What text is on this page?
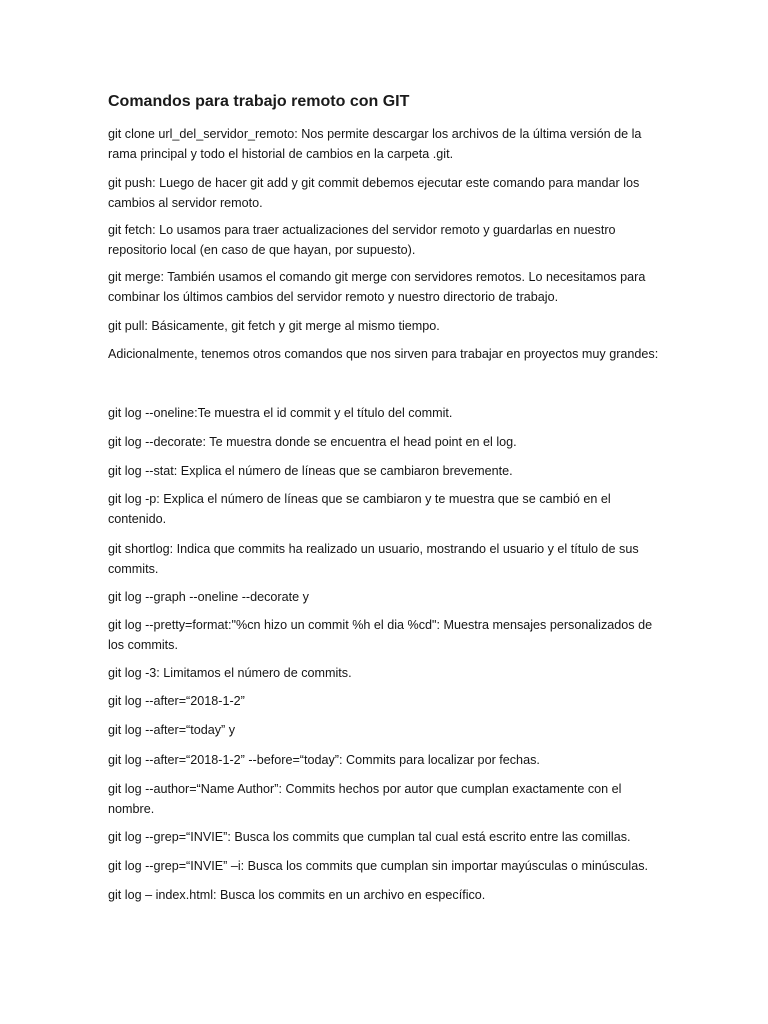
Comandos para trabajo remoto con GIT
git clone url_del_servidor_remoto: Nos permite descargar los archivos de la última versión de la rama principal y todo el historial de cambios en la carpeta .git.
git push: Luego de hacer git add y git commit debemos ejecutar este comando para mandar los cambios al servidor remoto.
git fetch: Lo usamos para traer actualizaciones del servidor remoto y guardarlas en nuestro repositorio local (en caso de que hayan, por supuesto).
git merge: También usamos el comando git merge con servidores remotos. Lo necesitamos para combinar los últimos cambios del servidor remoto y nuestro directorio de trabajo.
git pull: Básicamente, git fetch y git merge al mismo tiempo.
Adicionalmente, tenemos otros comandos que nos sirven para trabajar en proyectos muy grandes:
git log --oneline:Te muestra el id commit y el título del commit.
git log --decorate: Te muestra donde se encuentra el head point en el log.
git log --stat: Explica el número de líneas que se cambiaron brevemente.
git log -p: Explica el número de líneas que se cambiaron y te muestra que se cambió en el contenido.
git shortlog: Indica que commits ha realizado un usuario, mostrando el usuario y el título de sus commits.
git log --graph --oneline --decorate y
git log --pretty=format:"%cn hizo un commit %h el dia %cd": Muestra mensajes personalizados de los commits.
git log -3: Limitamos el número de commits.
git log --after=“2018-1-2”
git log --after=“today” y
git log --after=“2018-1-2” --before=“today”: Commits para localizar por fechas.
git log --author=“Name Author”: Commits hechos por autor que cumplan exactamente con el nombre.
git log --grep=“INVIE”: Busca los commits que cumplan tal cual está escrito entre las comillas.
git log --grep=“INVIE” –i: Busca los commits que cumplan sin importar mayúsculas o minúsculas.
git log – index.html: Busca los commits en un archivo en específico.
